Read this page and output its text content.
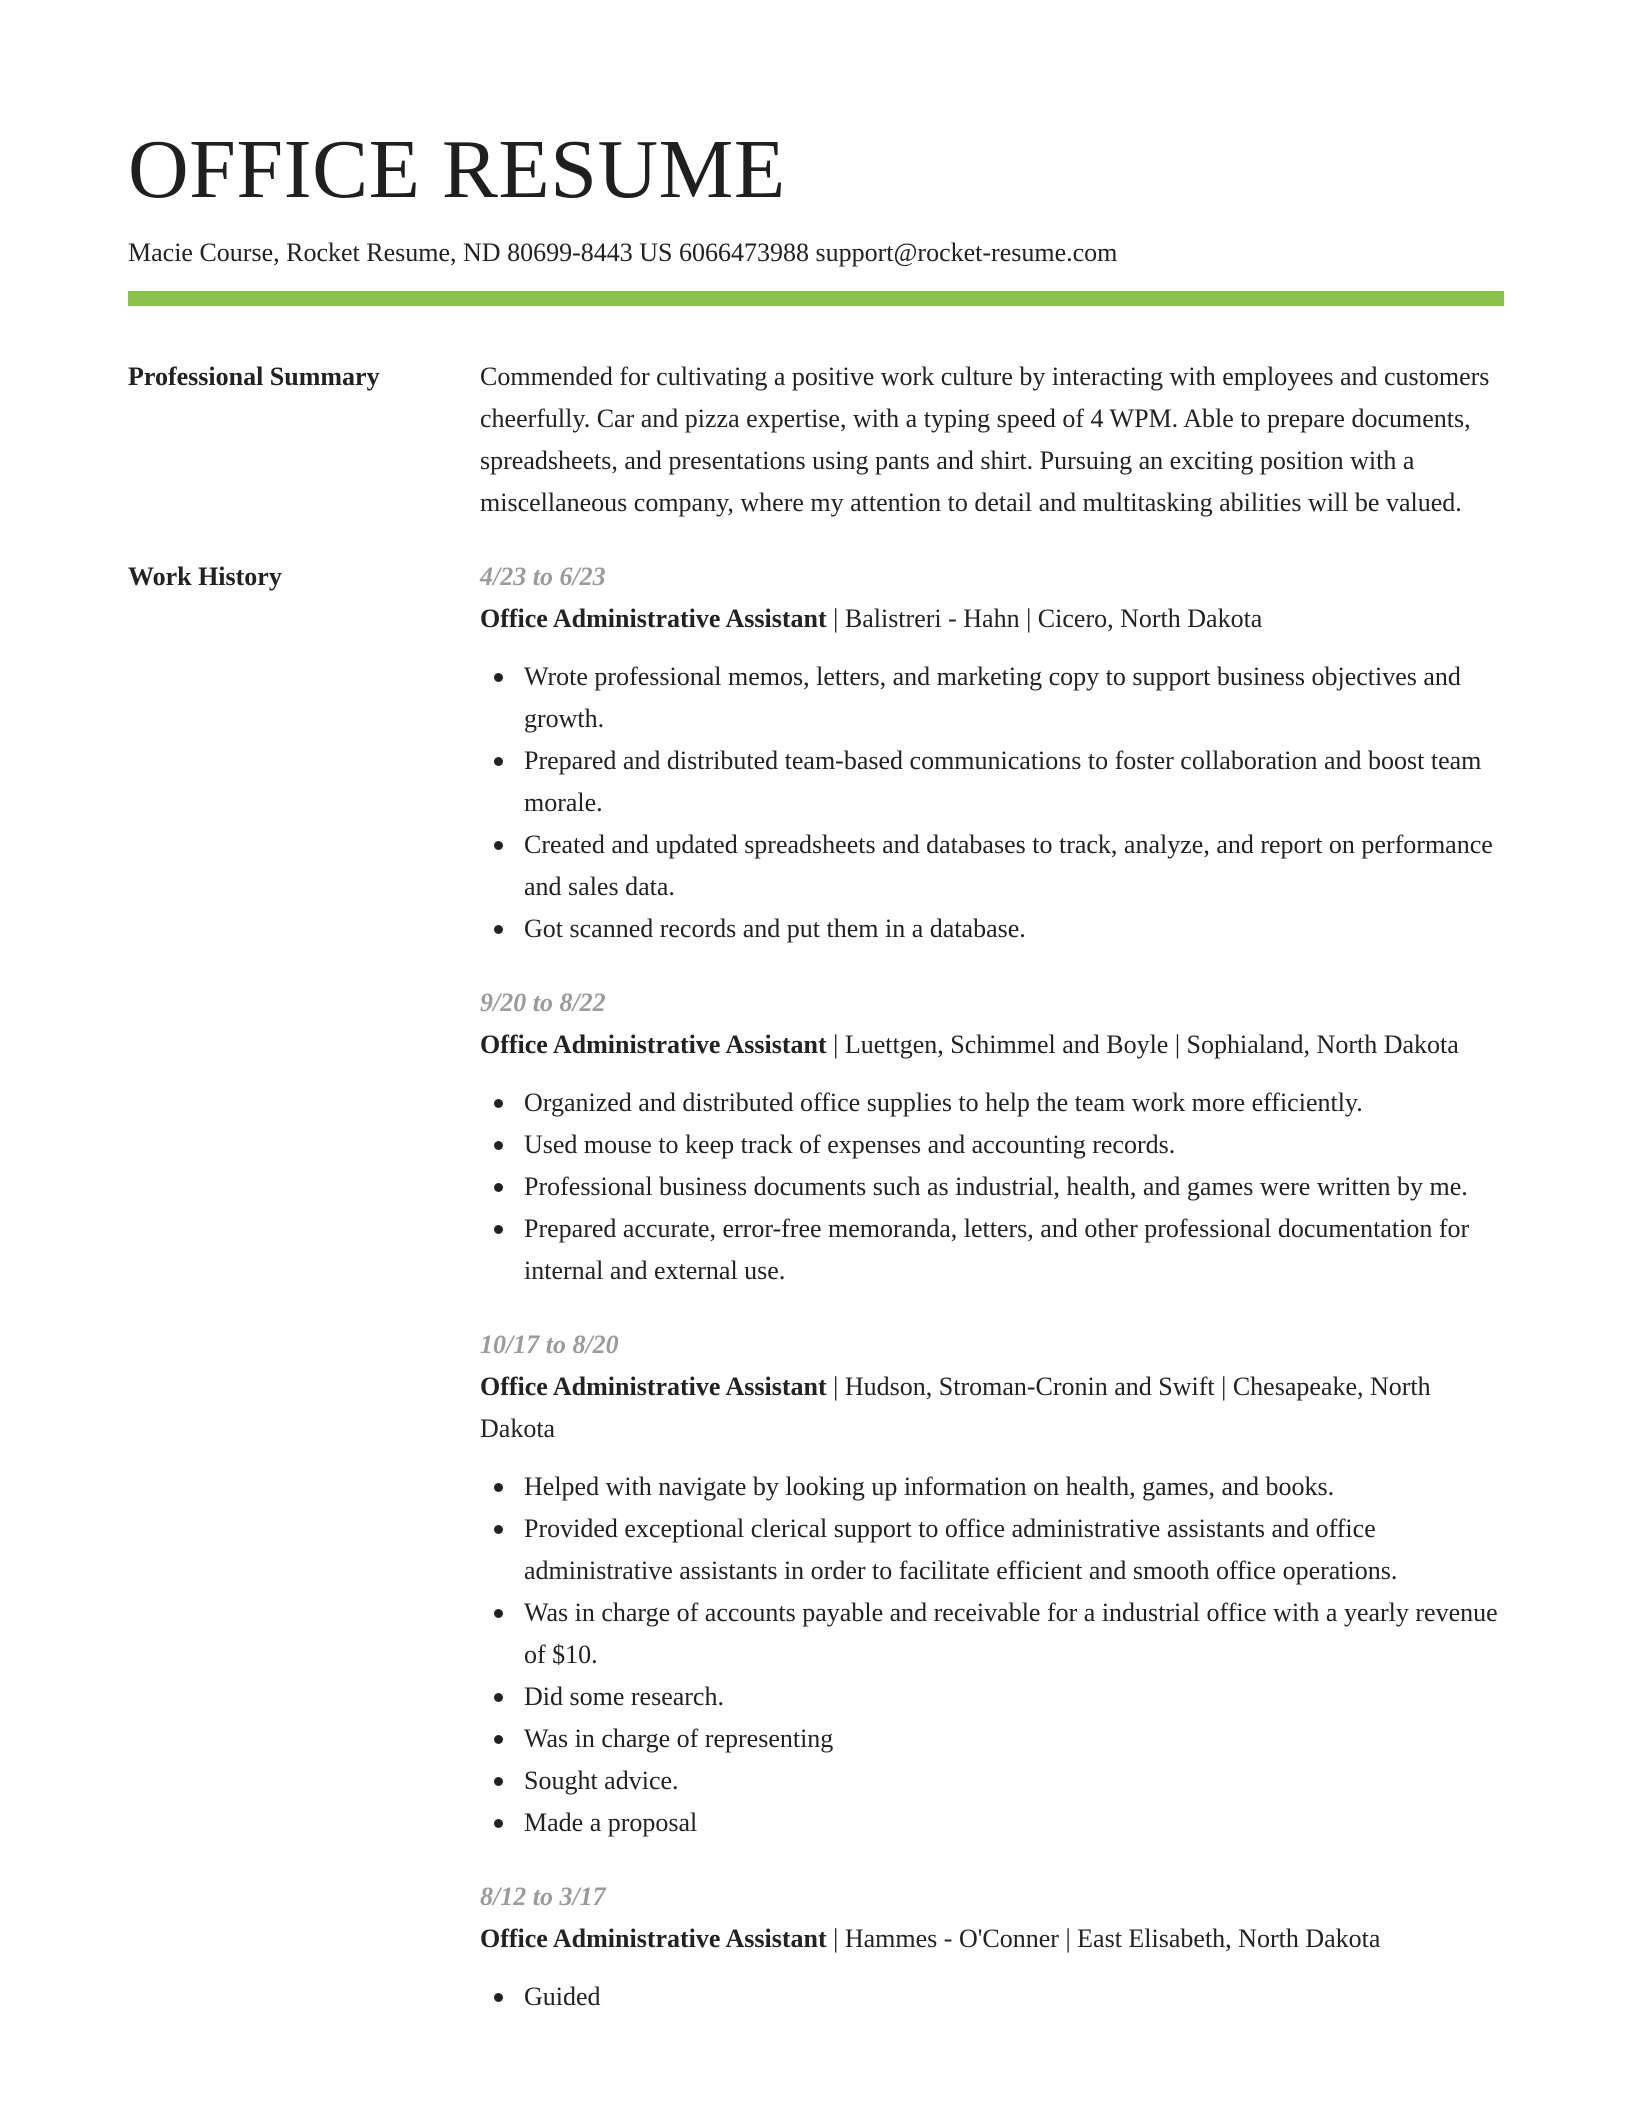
OFFICE RESUME
Macie Course, Rocket Resume, ND 80699-8443 US 6066473988 support@rocket-resume.com
Professional Summary	Commended for cultivating a positive work culture by interacting with employees and customers cheerfully. Car and pizza expertise, with a typing speed of 4 WPM. Able to prepare documents, spreadsheets, and presentations using pants and shirt. Pursuing an exciting position with a miscellaneous company, where my attention to detail and multitasking abilities will be valued.
Work History	4/23 to 6/23
Office Administrative Assistant | Balistreri - Hahn | Cicero, North Dakota
Wrote professional memos, letters, and marketing copy to support business objectives and growth.
Prepared and distributed team-based communications to foster collaboration and boost team morale.
Created and updated spreadsheets and databases to track, analyze, and report on performance and sales data.
Got scanned records and put them in a database.
9/20 to 8/22
Office Administrative Assistant | Luettgen, Schimmel and Boyle | Sophialand, North Dakota
Organized and distributed office supplies to help the team work more efficiently.
Used mouse to keep track of expenses and accounting records.
Professional business documents such as industrial, health, and games were written by me.
Prepared accurate, error-free memoranda, letters, and other professional documentation for internal and external use.
10/17 to 8/20
Office Administrative Assistant | Hudson, Stroman-Cronin and Swift | Chesapeake, North Dakota
Helped with navigate by looking up information on health, games, and books.
Provided exceptional clerical support to office administrative assistants and office administrative assistants in order to facilitate efficient and smooth office operations.
Was in charge of accounts payable and receivable for a industrial office with a yearly revenue of $10.
Did some research.
Was in charge of representing
Sought advice.
Made a proposal
8/12 to 3/17
Office Administrative Assistant | Hammes - O'Conner | East Elisabeth, North Dakota
Guided
